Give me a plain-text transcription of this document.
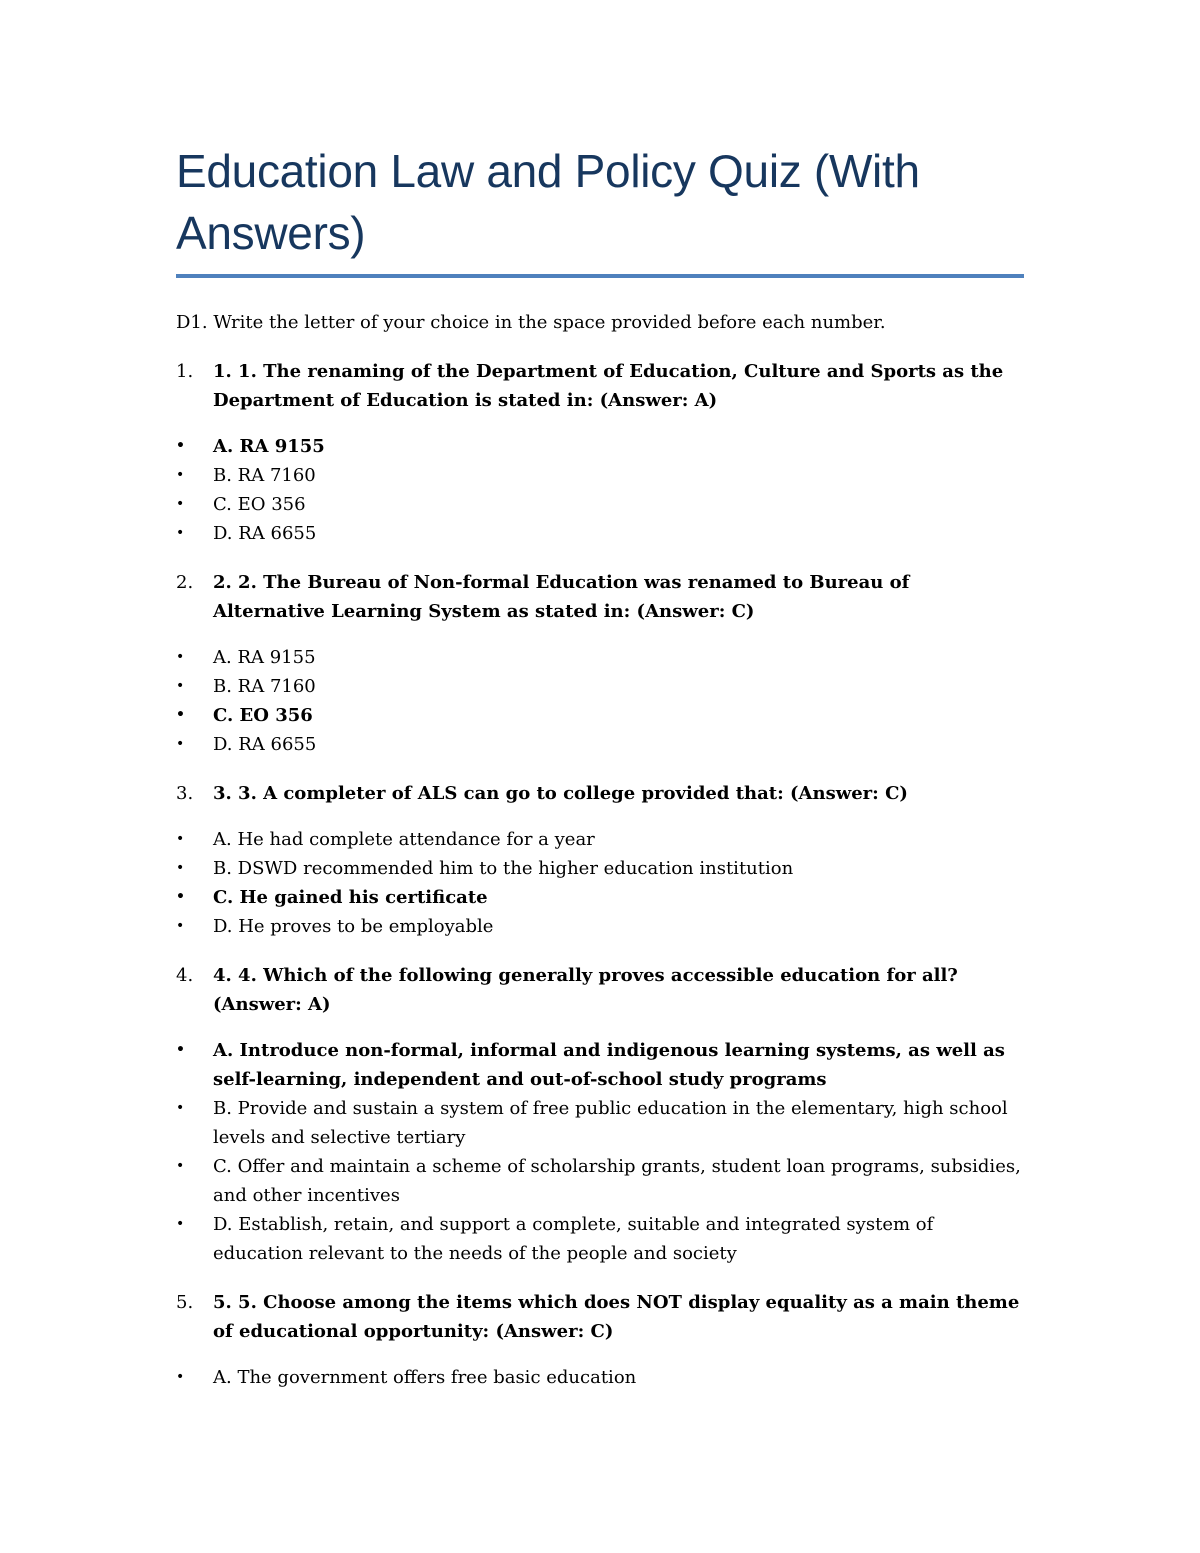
Education Law and Policy Quiz (With Answers)

D1. Write the letter of your choice in the space provided before each number.

1.	1. 1. The renaming of the Department of Education, Culture and Sports as the Department of Education is stated in: (Answer: A)
•	A. RA 9155
•	B. RA 7160
•	C. EO 356
•	D. RA 6655
2.	2. 2. The Bureau of Non-formal Education was renamed to Bureau of Alternative Learning System as stated in: (Answer: C)
•	A. RA 9155
•	B. RA 7160
•	C. EO 356
•	D. RA 6655
3.	3. 3. A completer of ALS can go to college provided that: (Answer: C)
•	A. He had complete attendance for a year
•	B. DSWD recommended him to the higher education institution
•	C. He gained his certificate
•	D. He proves to be employable
4.	4. 4. Which of the following generally proves accessible education for all? (Answer: A)
•	A. Introduce non-formal, informal and indigenous learning systems, as well as self-learning, independent and out-of-school study programs
•	B. Provide and sustain a system of free public education in the elementary, high school levels and selective tertiary
•	C. Offer and maintain a scheme of scholarship grants, student loan programs, subsidies, and other incentives
•	D. Establish, retain, and support a complete, suitable and integrated system of education relevant to the needs of the people and society
5.	5. 5. Choose among the items which does NOT display equality as a main theme of educational opportunity: (Answer: C)
•	A. The government offers free basic education
